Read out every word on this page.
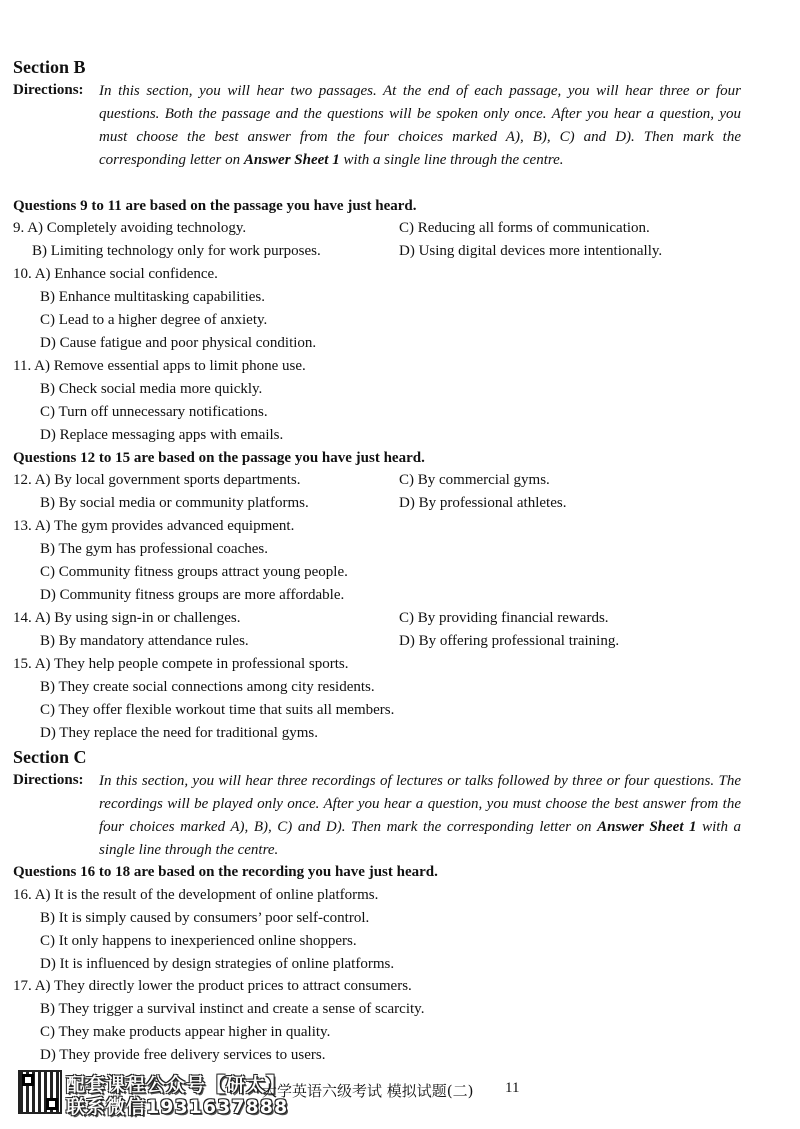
Section B
Directions: In this section, you will hear two passages. At the end of each passage, you will hear three or four questions. Both the passage and the questions will be spoken only once. After you hear a question, you must choose the best answer from the four choices marked A), B), C) and D). Then mark the corresponding letter on Answer Sheet 1 with a single line through the centre.
Questions 9 to 11 are based on the passage you have just heard.
9. A) Completely avoiding technology.	C) Reducing all forms of communication.
B) Limiting technology only for work purposes.	D) Using digital devices more intentionally.
10. A) Enhance social confidence.
B) Enhance multitasking capabilities.
C) Lead to a higher degree of anxiety.
D) Cause fatigue and poor physical condition.
11. A) Remove essential apps to limit phone use.
B) Check social media more quickly.
C) Turn off unnecessary notifications.
D) Replace messaging apps with emails.
Questions 12 to 15 are based on the passage you have just heard.
12. A) By local government sports departments.	C) By commercial gyms.
B) By social media or community platforms.	D) By professional athletes.
13. A) The gym provides advanced equipment.
B) The gym has professional coaches.
C) Community fitness groups attract young people.
D) Community fitness groups are more affordable.
14. A) By using sign-in or challenges.	C) By providing financial rewards.
B) By mandatory attendance rules.	D) By offering professional training.
15. A) They help people compete in professional sports.
B) They create social connections among city residents.
C) They offer flexible workout time that suits all members.
D) They replace the need for traditional gyms.
Section C
Directions: In this section, you will hear three recordings of lectures or talks followed by three or four questions. The recordings will be played only once. After you hear a question, you must choose the best answer from the four choices marked A), B), C) and D). Then mark the corresponding letter on Answer Sheet 1 with a single line through the centre.
Questions 16 to 18 are based on the recording you have just heard.
16. A) It is the result of the development of online platforms.
B) It is simply caused by consumers’ poor self-control.
C) It only happens to inexperienced online shoppers.
D) It is influenced by design strategies of online platforms.
17. A) They directly lower the product prices to attract consumers.
B) They trigger a survival instinct and create a sense of scarcity.
C) They make products appear higher in quality.
D) They provide free delivery services to users.
配套课程公众号【研太】
联系微信1931637888
大学英语六级考试 模拟试题(二) 11
